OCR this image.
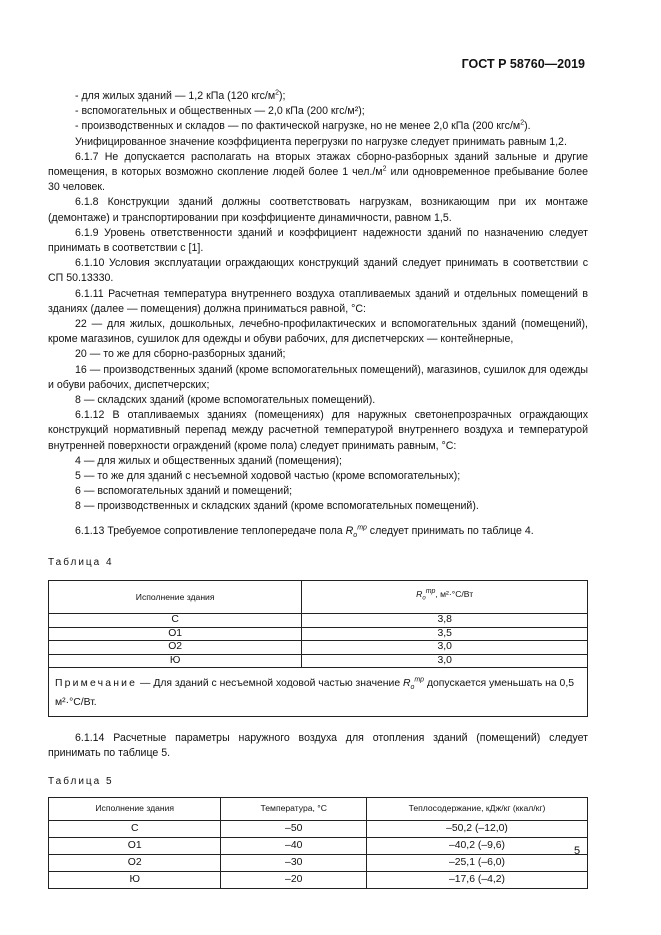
ГОСТ Р 58760—2019

- для жилых зданий — 1,2 кПа (120 кгс/$м^2$);

- вспомогательных и общественных — 2,0 кПа (200 кгс/м²);

- производственных и складов — по фактической нагрузке, но не менее 2,0 кПа (200 кгс/$м^2$).

Унифицированное значение коэффициента перегрузки по нагрузке следует принимать равным 1,2.

6.1.7 Не допускается располагать на вторых этажах сборно-разборных зданий зальные и другие помещения, в которых возможно скопление людей более 1 $чел./м^2$ или одновременное пребывание более 30 человек.

6.1.8 Конструкции зданий должны соответствовать нагрузкам, возникающим при их монтаже (демонтаже) и транспортировании при коэффициенте динамичности, равном 1,5.

6.1.9 Уровень ответственности зданий и коэффициент надежности зданий по назначению следует принимать в соответствии с [1].

6.1.10 Условия эксплуатации ограждающих конструкций зданий следует принимать в соответствии с СП 50.13330.

6.1.11 Расчетная температура внутреннего воздуха отапливаемых зданий и отдельных помещений в зданиях (далее — помещения) должна приниматься равной, °С:

22 — для жилых, дошкольных, лечебно-профилактических и вспомогательных зданий (помещений), кроме магазинов, сушилок для одежды и обуви рабочих, для диспетчерских — контейнерные,

20 — то же для сборно-разборных зданий;

16 — производственных зданий (кроме вспомогательных помещений), магазинов, сушилок для одежды и обуви рабочих, диспетчерских;

8 — складских зданий (кроме вспомогательных помещений).

6.1.12 В отапливаемых зданиях (помещениях) для наружных светонепрозрачных ограждающих конструкций нормативный перепад между расчетной температурой внутреннего воздуха и температурой внутренней поверхности ограждений (кроме пола) следует принимать равным, °С:

4 — для жилых и общественных зданий (помещения);

5 — то же для зданий с несъемной ходовой частью (кроме вспомогательных);

6 — вспомогательных зданий и помещений;

8 — производственных и складских зданий (кроме вспомогательных помещений).

6.1.13 Требуемое сопротивление теплопередаче пола $R_о^{тр}$ следует принимать по таблице 4.

Таблица 4
Исполнение здания	$R_о^{тр}$, м²·°С/Вт
С	3,8
О1	3,5
О2	3,0
Ю	3,0
Примечание — Для зданий с несъемной ходовой частью значение $R_о^{тр}$ допускается уменьшать на 0,5 м²·°С/Вт.	

6.1.14 Расчетные параметры наружного воздуха для отопления зданий (помещений) следует принимать по таблице 5.

Таблица 5
Исполнение здания	Температура, °С	Теплосодержание, кДж/кг (ккал/кг)
С	–50	–50,2 (–12,0)
О1	–40	–40,2 (–9,6)
О2	–30	–25,1 (–6,0)
Ю	–20	–17,6 (–4,2)
5
